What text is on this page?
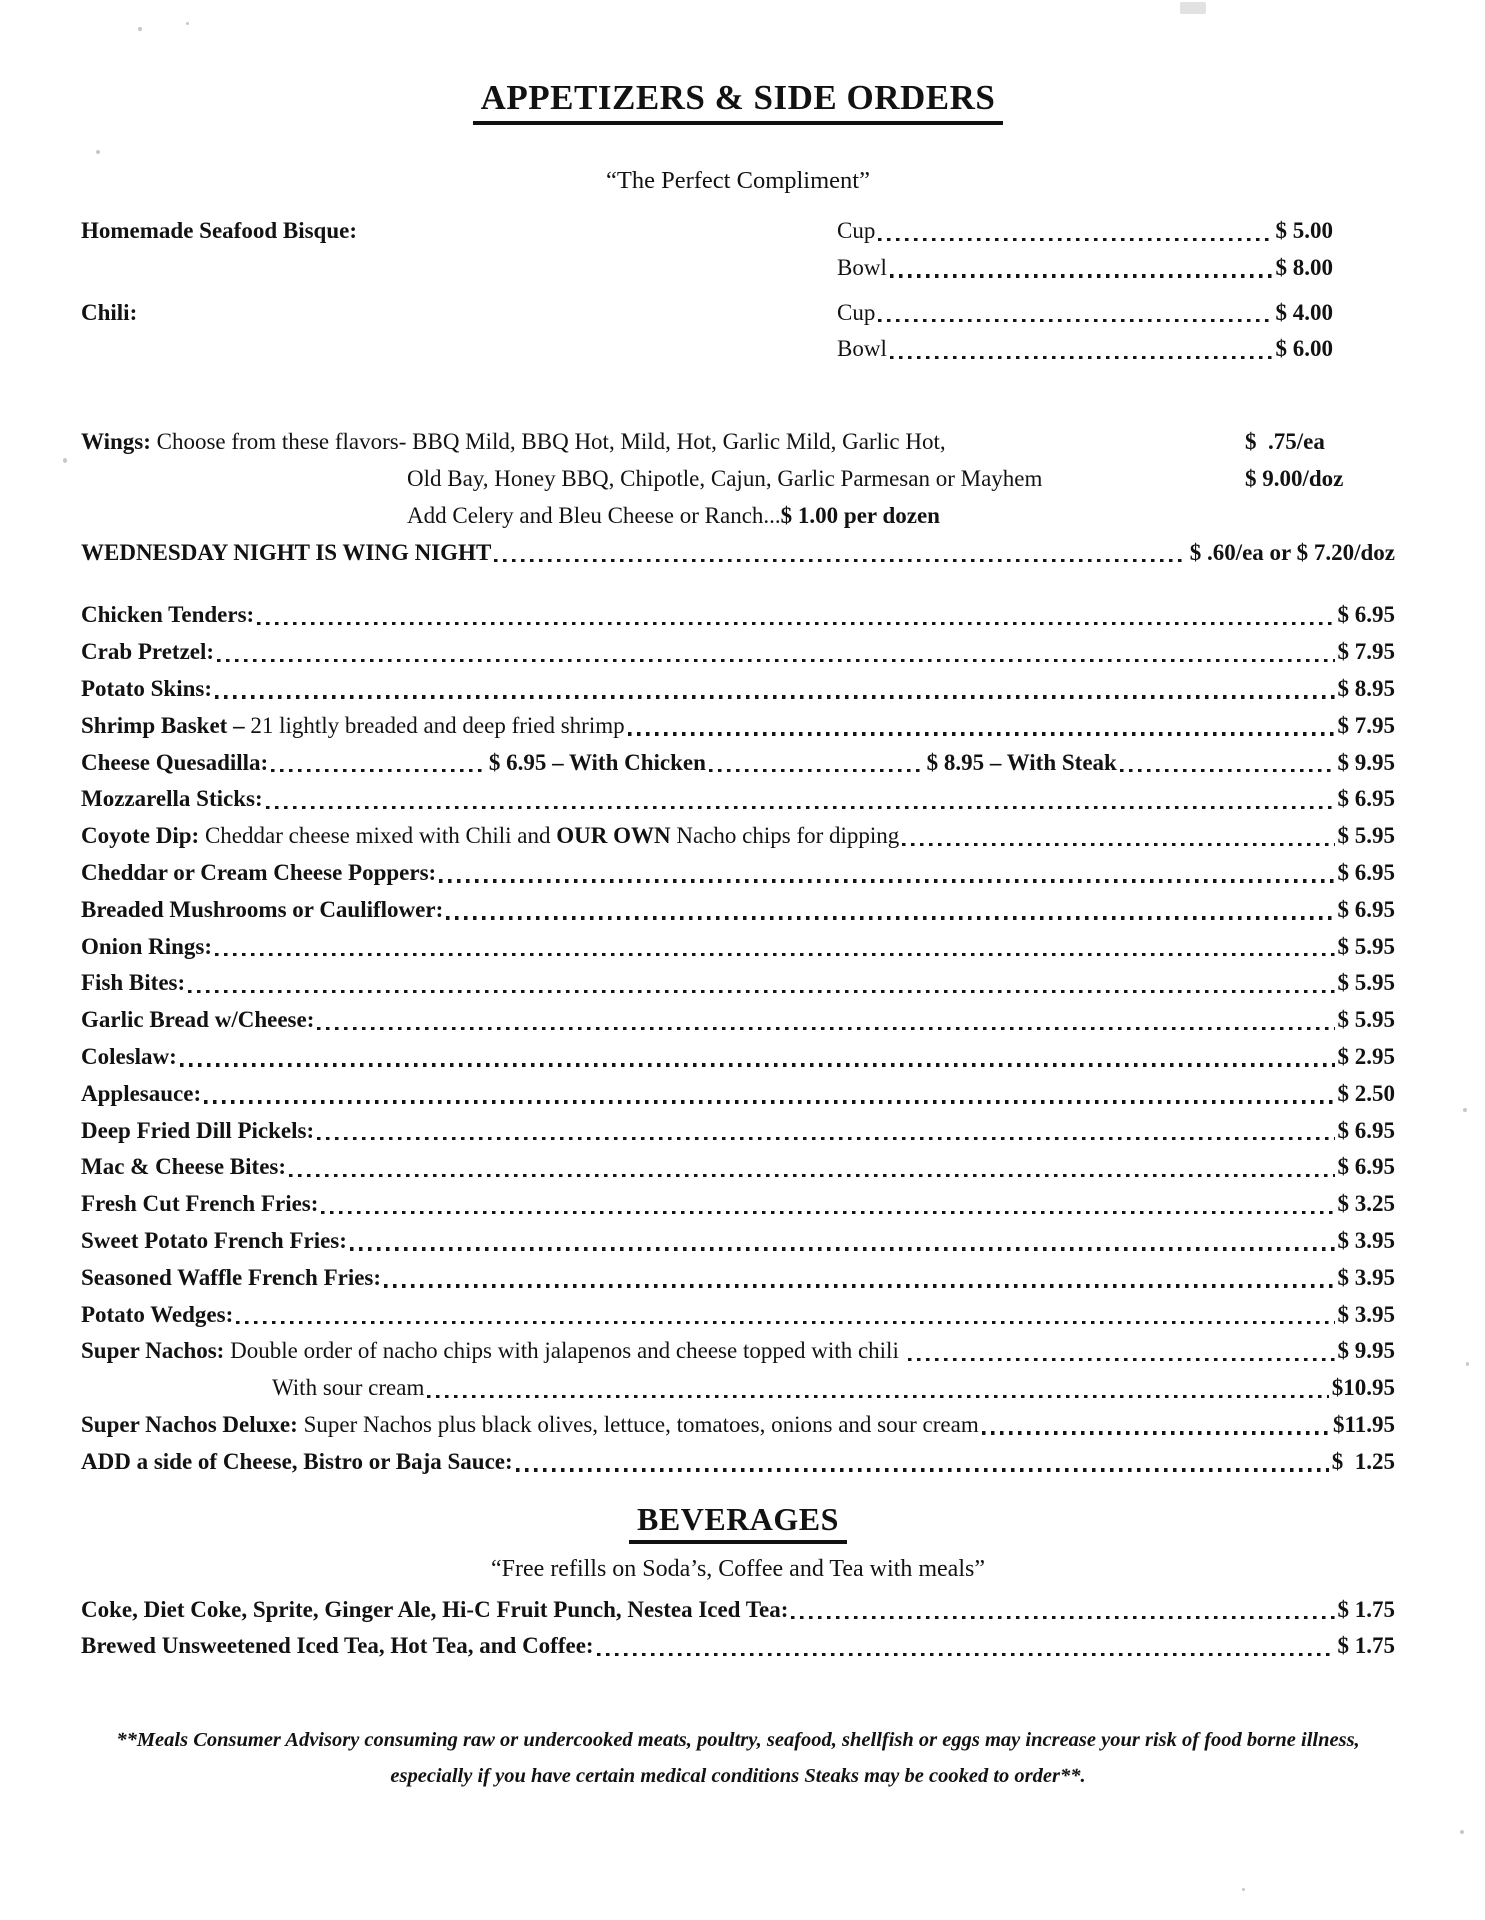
APPETIZERS & SIDE ORDERS
“The Perfect Compliment”
Homemade Seafood Bisque:	Cup	$ 5.00
Bowl	$ 8.00
Chili:	Cup	$ 4.00
Bowl	$ 6.00
Wings: Choose from these flavors- BBQ Mild, BBQ Hot, Mild, Hot, Garlic Mild, Garlic Hot,	$  .75/ea
Old Bay, Honey BBQ, Chipotle, Cajun, Garlic Parmesan or Mayhem	$ 9.00/doz
Add Celery and Bleu Cheese or Ranch... $ 1.00 per dozen
WEDNESDAY NIGHT IS WING NIGHT	$ .60/ea or $ 7.20/doz
Chicken Tenders:	$ 6.95
Crab Pretzel:	$ 7.95
Potato Skins:	$ 8.95
Shrimp Basket – 21 lightly breaded and deep fried shrimp	$ 7.95
Cheese Quesadilla:	$ 6.95 – With Chicken	$ 8.95 – With Steak	$ 9.95
Mozzarella Sticks:	$ 6.95
Coyote Dip: Cheddar cheese mixed with Chili and OUR OWN Nacho chips for dipping	$ 5.95
Cheddar or Cream Cheese Poppers:	$ 6.95
Breaded Mushrooms or Cauliflower:	$ 6.95
Onion Rings:	$ 5.95
Fish Bites:	$ 5.95
Garlic Bread w/Cheese:	$ 5.95
Coleslaw:	$ 2.95
Applesauce:	$ 2.50
Deep Fried Dill Pickels:	$ 6.95
Mac & Cheese Bites:	$ 6.95
Fresh Cut French Fries:	$ 3.25
Sweet Potato French Fries:	$ 3.95
Seasoned Waffle French Fries:	$ 3.95
Potato Wedges:	$ 3.95
Super Nachos: Double order of nacho chips with jalapenos and cheese topped with chili	$ 9.95
With sour cream	$10.95
Super Nachos Deluxe: Super Nachos plus black olives, lettuce, tomatoes, onions and sour cream	$11.95
ADD a side of Cheese, Bistro or Baja Sauce:	$  1.25
BEVERAGES
“Free refills on Soda’s, Coffee and Tea with meals”
Coke, Diet Coke, Sprite, Ginger Ale, Hi-C Fruit Punch, Nestea Iced Tea:	$ 1.75
Brewed Unsweetened Iced Tea, Hot Tea, and Coffee:	$ 1.75
**Meals Consumer Advisory consuming raw or undercooked meats, poultry, seafood, shellfish or eggs may increase your risk of food borne illness,
especially if you have certain medical conditions Steaks may be cooked to order**.
